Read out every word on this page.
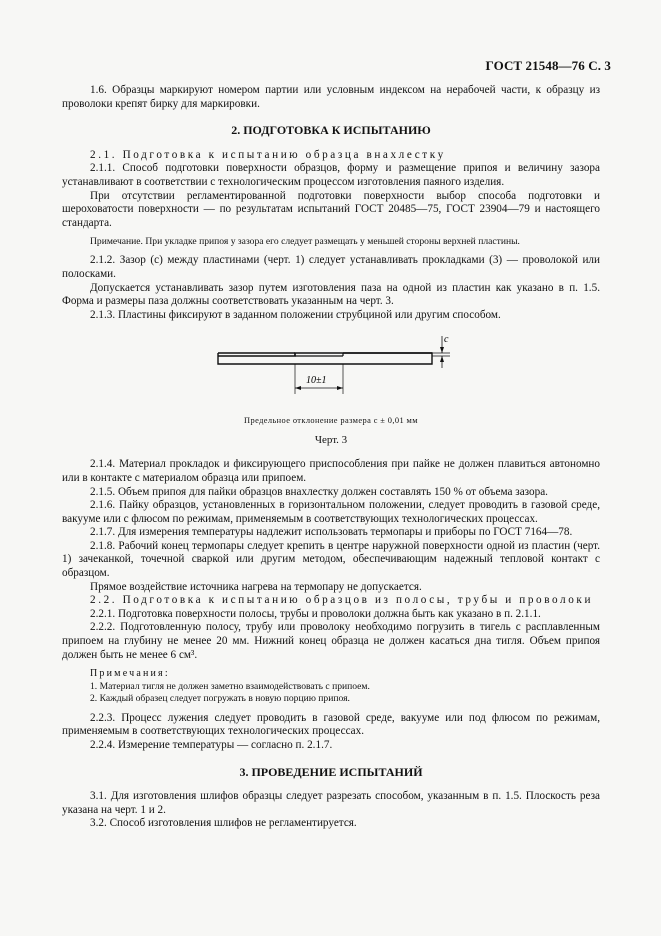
ГОСТ 21548—76 С. 3

1.6. Образцы маркируют номером партии или условным индексом на нерабочей части, к образцу из проволоки крепят бирку для маркировки.

2. ПОДГОТОВКА К ИСПЫТАНИЮ

2.1. Подготовка к испытанию образца внахлестку

2.1.1. Способ подготовки поверхности образцов, форму и размещение припоя и величину зазора устанавливают в соответствии с технологическим процессом изготовления паяного изделия.

При отсутствии регламентированной подготовки поверхности выбор способа подготовки и шероховатости поверхности — по результатам испытаний ГОСТ 20485—75, ГОСТ 23904—79 и настоящего стандарта.

Примечание. При укладке припоя у зазора его следует размещать у меньшей стороны верхней пластины.

2.1.2. Зазор (c) между пластинами (черт. 1) следует устанавливать прокладками (3) — проволокой или полосками.

Допускается устанавливать зазор путем изготовления паза на одной из пластин как указано в п. 1.5. Форма и размеры паза должны соответствовать указанным на черт. 3.

2.1.3. Пластины фиксируют в заданном положении струбциной или другим способом.

c
10±1
Предельное отклонение размера c ± 0,01 мм
Черт. 3

2.1.4. Материал прокладок и фиксирующего приспособления при пайке не должен плавиться автономно или в контакте с материалом образца или припоем.

2.1.5. Объем припоя для пайки образцов внахлестку должен составлять 150 % от объема зазора.

2.1.6. Пайку образцов, установленных в горизонтальном положении, следует проводить в газовой среде, вакууме или с флюсом по режимам, применяемым в соответствующих технологических процессах.

2.1.7. Для измерения температуры надлежит использовать термопары и приборы по ГОСТ 7164—78.

2.1.8. Рабочий конец термопары следует крепить в центре наружной поверхности одной из пластин (черт. 1) зачеканкой, точечной сваркой или другим методом, обеспечивающим надежный тепловой контакт с образцом.

Прямое воздействие источника нагрева на термопару не допускается.

2.2. Подготовка к испытанию образцов из полосы, трубы и проволоки

2.2.1. Подготовка поверхности полосы, трубы и проволоки должна быть как указано в п. 2.1.1.

2.2.2. Подготовленную полосу, трубу или проволоку необходимо погрузить в тигель с расплавленным припоем на глубину не менее 20 мм. Нижний конец образца не должен касаться дна тигля. Объем припоя должен быть не менее 6 см³.

Примечания:

1. Материал тигля не должен заметно взаимодействовать с припоем.

2. Каждый образец следует погружать в новую порцию припоя.

2.2.3. Процесс лужения следует проводить в газовой среде, вакууме или под флюсом по режимам, применяемым в соответствующих технологических процессах.

2.2.4. Измерение температуры — согласно п. 2.1.7.

3. ПРОВЕДЕНИЕ ИСПЫТАНИЙ

3.1. Для изготовления шлифов образцы следует разрезать способом, указанным в п. 1.5. Плоскость реза указана на черт. 1 и 2.

3.2. Способ изготовления шлифов не регламентируется.
